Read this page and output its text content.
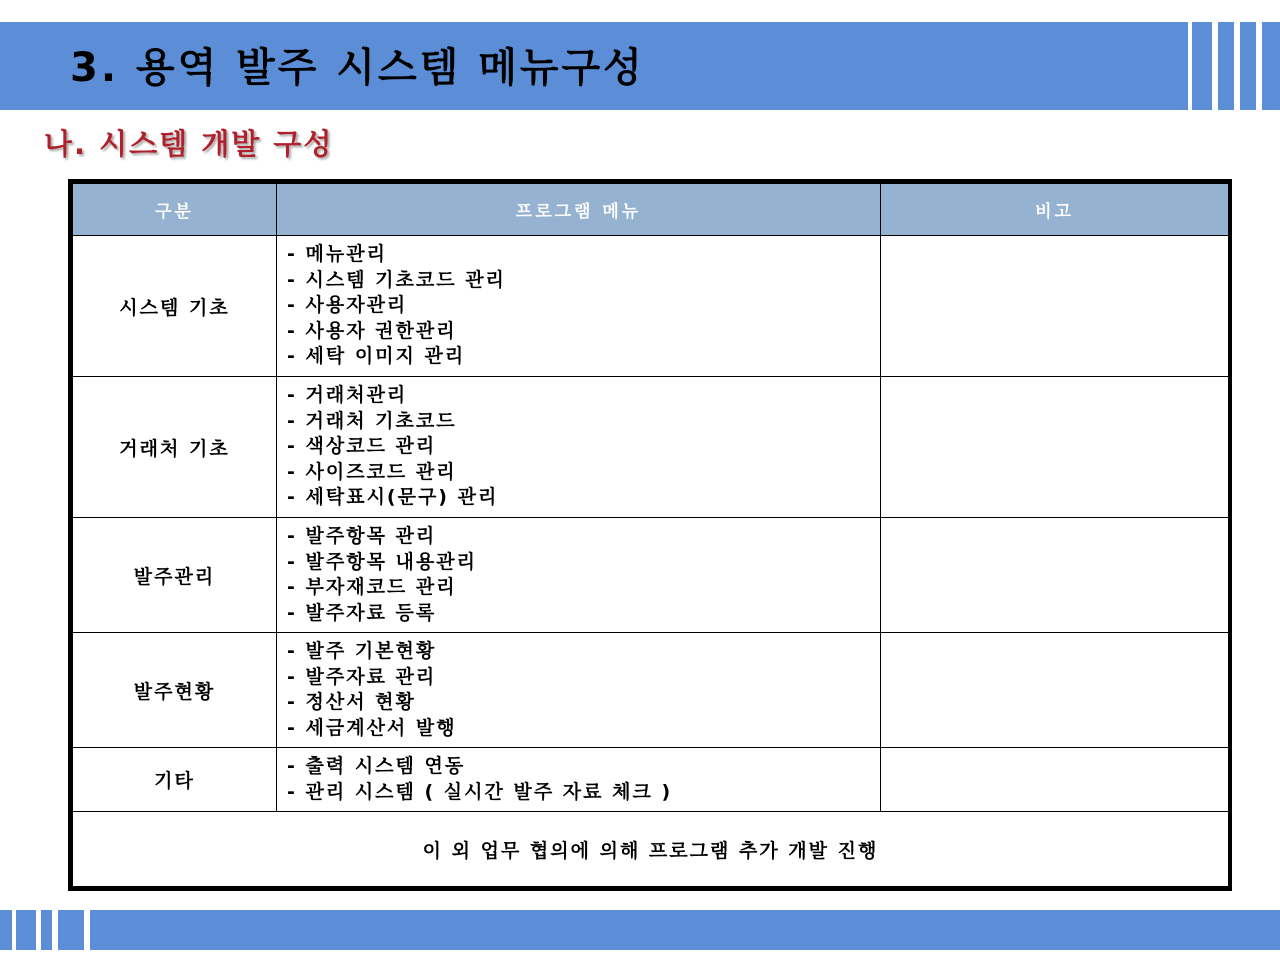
3. 용역 발주 시스템 메뉴구성
나. 시스템 개발 구성
구분	프로그램 메뉴	비고
시스템 기초	- 메뉴관리
- 시스템 기초코드 관리
- 사용자관리
- 사용자 권한관리
- 세탁 이미지 관리	

거래처 기초	- 거래처관리
- 거래처 기초코드
- 색상코드 관리
- 사이즈코드 관리
- 세탁표시(문구) 관리	

발주관리	- 발주항목 관리
- 발주항목 내용관리
- 부자재코드 관리
- 발주자료 등록	

발주현황	- 발주 기본현황
- 발주자료 관리
- 정산서 현황
- 세금계산서 발행	

기타	- 출력 시스템 연동
- 관리 시스템 ( 실시간 발주 자료 체크 )	

이 외 업무 협의에 의해 프로그램 추가 개발 진행		
